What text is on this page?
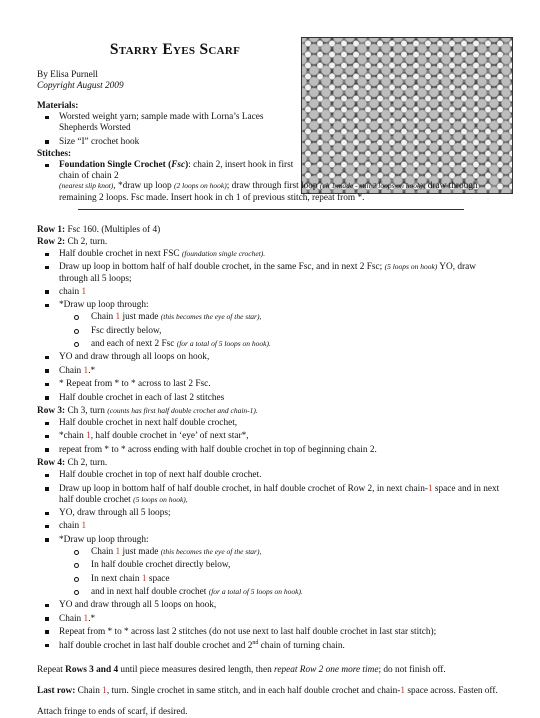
Starry Eyes Scarf
By Elisa Purnell
Copyright August 2009
Materials:
Worsted weight yarn; sample made with Lorna’s Laces Shepherds Worsted
Size “I” crochet hook
Stitches:
Foundation Single Crochet (Fsc): chain 2, insert hook in first chain of chain 2
(nearest slip knot), *draw up loop (2 loops on hook); draw through first loop (ch 1 made - still 2 loops on hook); draw through remaining 2 loops. Fsc made. Insert hook in ch 1 of previous stitch, repeat from *.
Row 1: Fsc 160. (Multiples of 4)
Row 2: Ch 2, turn.
Half double crochet in next FSC (foundation single crochet).
Draw up loop in bottom half of half double crochet, in the same Fsc, and in next 2 Fsc; (5 loops on hook) YO, draw through all 5 loops;
chain 1
*Draw up loop through:
Chain 1 just made (this becomes the eye of the star),
Fsc directly below,
and each of next 2 Fsc (for a total of 5 loops on hook).
YO and draw through all loops on hook,
Chain 1.*
* Repeat from * to * across to last 2 Fsc.
Half double crochet in each of last 2 stitches
Row 3: Ch 3, turn (counts has first half double crochet and chain-1).
Half double crochet in next half double crochet,
*chain 1, half double crochet in ‘eye’ of next star*,
repeat from * to * across ending with half double crochet in top of beginning chain 2.
Row 4: Ch 2, turn.
Half double crochet in top of next half double crochet.
Draw up loop in bottom half of half double crochet, in half double crochet of Row 2, in next chain-1 space and in next half double crochet (5 loops on hook),
YO, draw through all 5 loops;
chain 1
*Draw up loop through:
Chain 1 just made (this becomes the eye of the star),
In half double crochet directly below,
In next chain 1 space
and in next half double crochet (for a total of 5 loops on hook).
YO and draw through all 5 loops on hook,
Chain 1.*
Repeat from * to * across last 2 stitches (do not use next to last half double crochet in last star stitch);
half double crochet in last half double crochet and 2nd chain of turning chain.

Repeat Rows 3 and 4 until piece measures desired length, then repeat Row 2 one more time; do not finish off.

Last row: Chain 1, turn. Single crochet in same stitch, and in each half double crochet and chain-1 space across. Fasten off.

Attach fringe to ends of scarf, if desired.
